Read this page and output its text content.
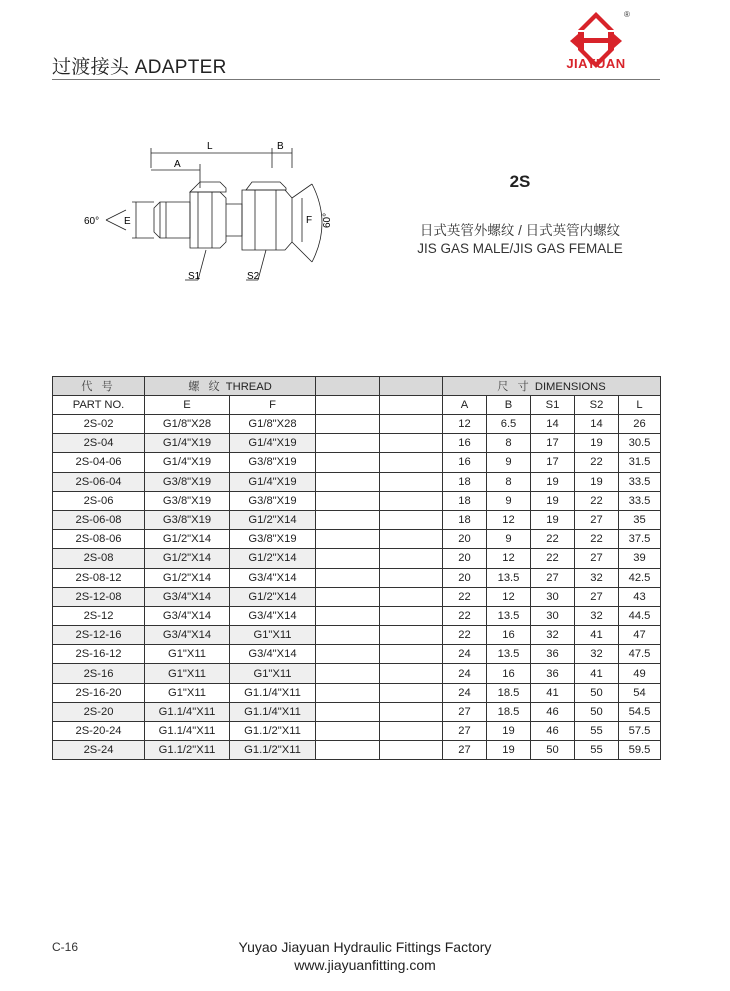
过渡接头 ADAPTER
®
JIAYUAN
L
A
B
E	F
60°	60°
S1	S2
2S
日式英管外螺纹 / 日式英管内螺纹
JIS GAS MALE/JIS GAS FEMALE
代 号	螺 纹 THREAD				尺 寸 DIMENSIONS				
PART NO.	E	F			A	B	S1	S2	L
2S-02	G1/8"X28	G1/8"X28			12	6.5	14	14	26
2S-04	G1/4"X19	G1/4"X19			16	8	17	19	30.5
2S-04-06	G1/4"X19	G3/8"X19			16	9	17	22	31.5
2S-06-04	G3/8"X19	G1/4"X19			18	8	19	19	33.5
2S-06	G3/8"X19	G3/8"X19			18	9	19	22	33.5
2S-06-08	G3/8"X19	G1/2"X14			18	12	19	27	35
2S-08-06	G1/2"X14	G3/8"X19			20	9	22	22	37.5
2S-08	G1/2"X14	G1/2"X14			20	12	22	27	39
2S-08-12	G1/2"X14	G3/4"X14			20	13.5	27	32	42.5
2S-12-08	G3/4"X14	G1/2"X14			22	12	30	27	43
2S-12	G3/4"X14	G3/4"X14			22	13.5	30	32	44.5
2S-12-16	G3/4"X14	G1"X11			22	16	32	41	47
2S-16-12	G1"X11	G3/4"X14			24	13.5	36	32	47.5
2S-16	G1"X11	G1"X11			24	16	36	41	49
2S-16-20	G1"X11	G1.1/4"X11			24	18.5	41	50	54
2S-20	G1.1/4"X11	G1.1/4"X11			27	18.5	46	50	54.5
2S-20-24	G1.1/4"X11	G1.1/2"X11			27	19	46	55	57.5
2S-24	G1.1/2"X11	G1.1/2"X11			27	19	50	55	59.5
C-16	Yuyao Jiayuan Hydraulic Fittings Factory
www.jiayuanfitting.com
